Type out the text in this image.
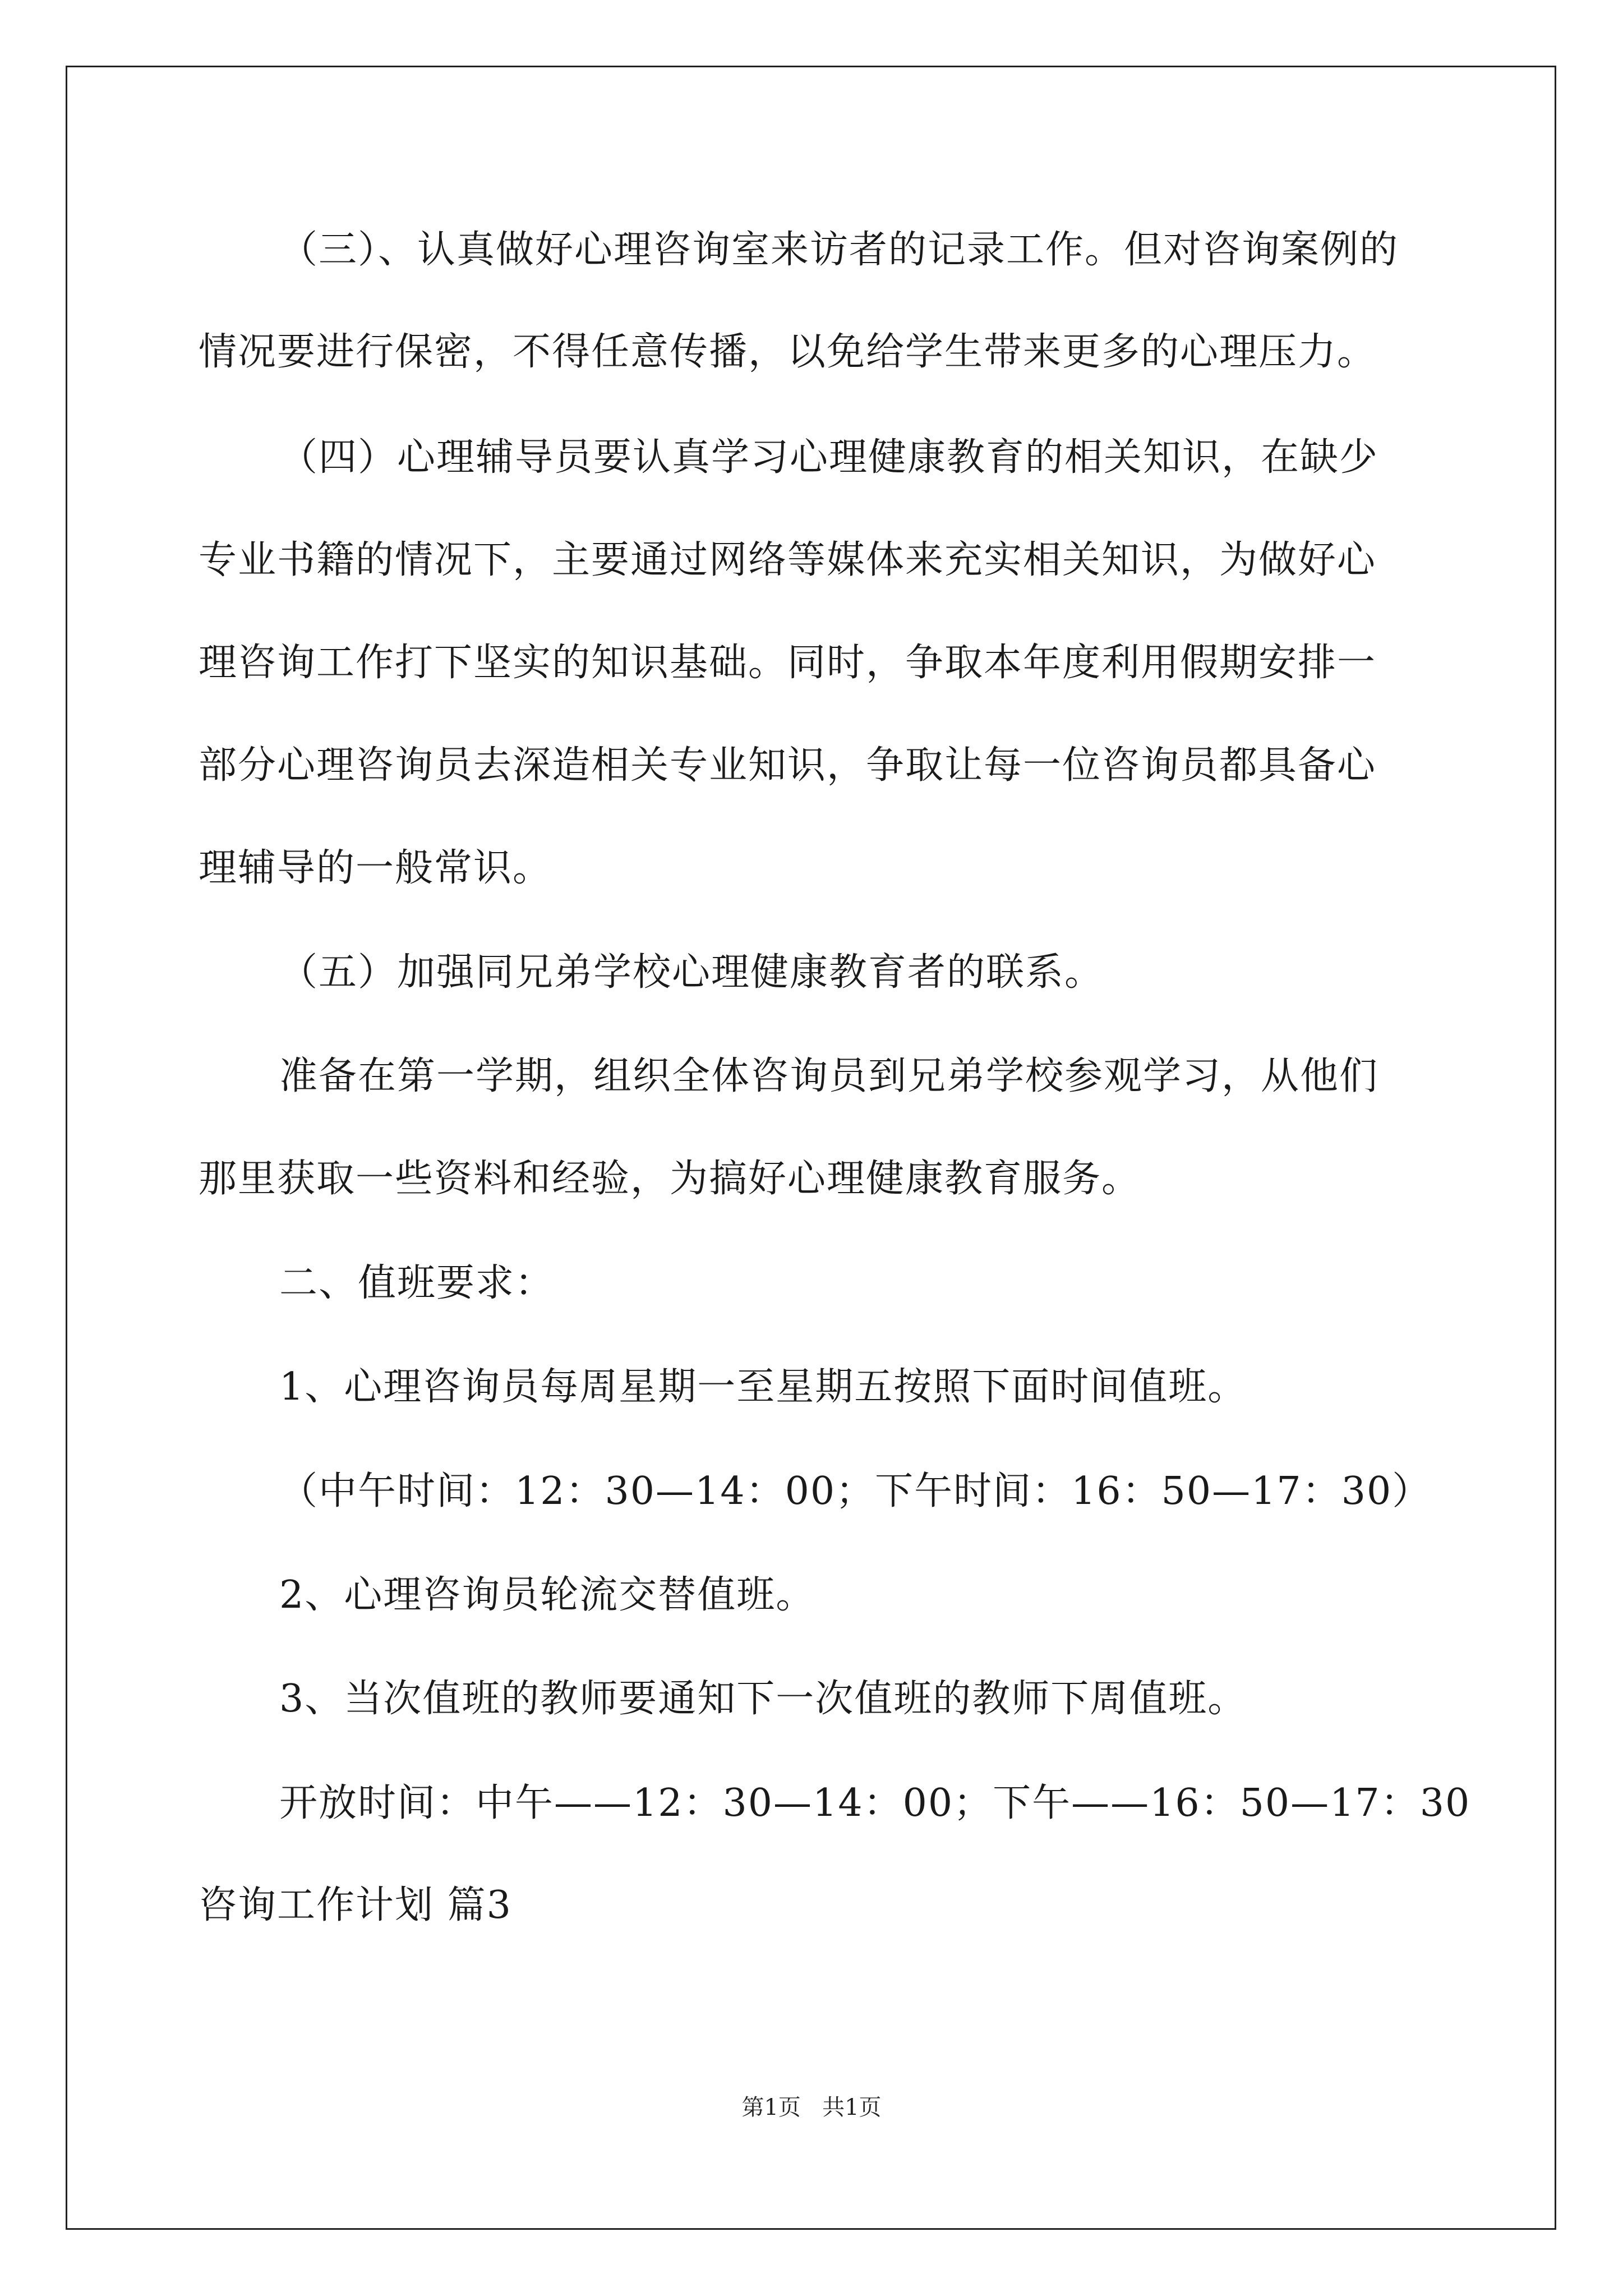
（三）、认真做好心理咨询室来访者的记录工作。但对咨询案例的
情况要进行保密，不得任意传播，以免给学生带来更多的心理压力。
（四）心理辅导员要认真学习心理健康教育的相关知识，在缺少
专业书籍的情况下，主要通过网络等媒体来充实相关知识，为做好心
理咨询工作打下坚实的知识基础。同时，争取本年度利用假期安排一
部分心理咨询员去深造相关专业知识，争取让每一位咨询员都具备心
理辅导的一般常识。
（五）加强同兄弟学校心理健康教育者的联系。
准备在第一学期，组织全体咨询员到兄弟学校参观学习，从他们
那里获取一些资料和经验，为搞好心理健康教育服务。
二、值班要求：
1、心理咨询员每周星期一至星期五按照下面时间值班。
（中午时间：12：30—14：00；下午时间：16：50—17：30）
2、心理咨询员轮流交替值班。
3、当次值班的教师要通知下一次值班的教师下周值班。
开放时间：中午——12：30—14：00；下午——16：50—17：30
咨询工作计划 篇3
第1页 共1页
